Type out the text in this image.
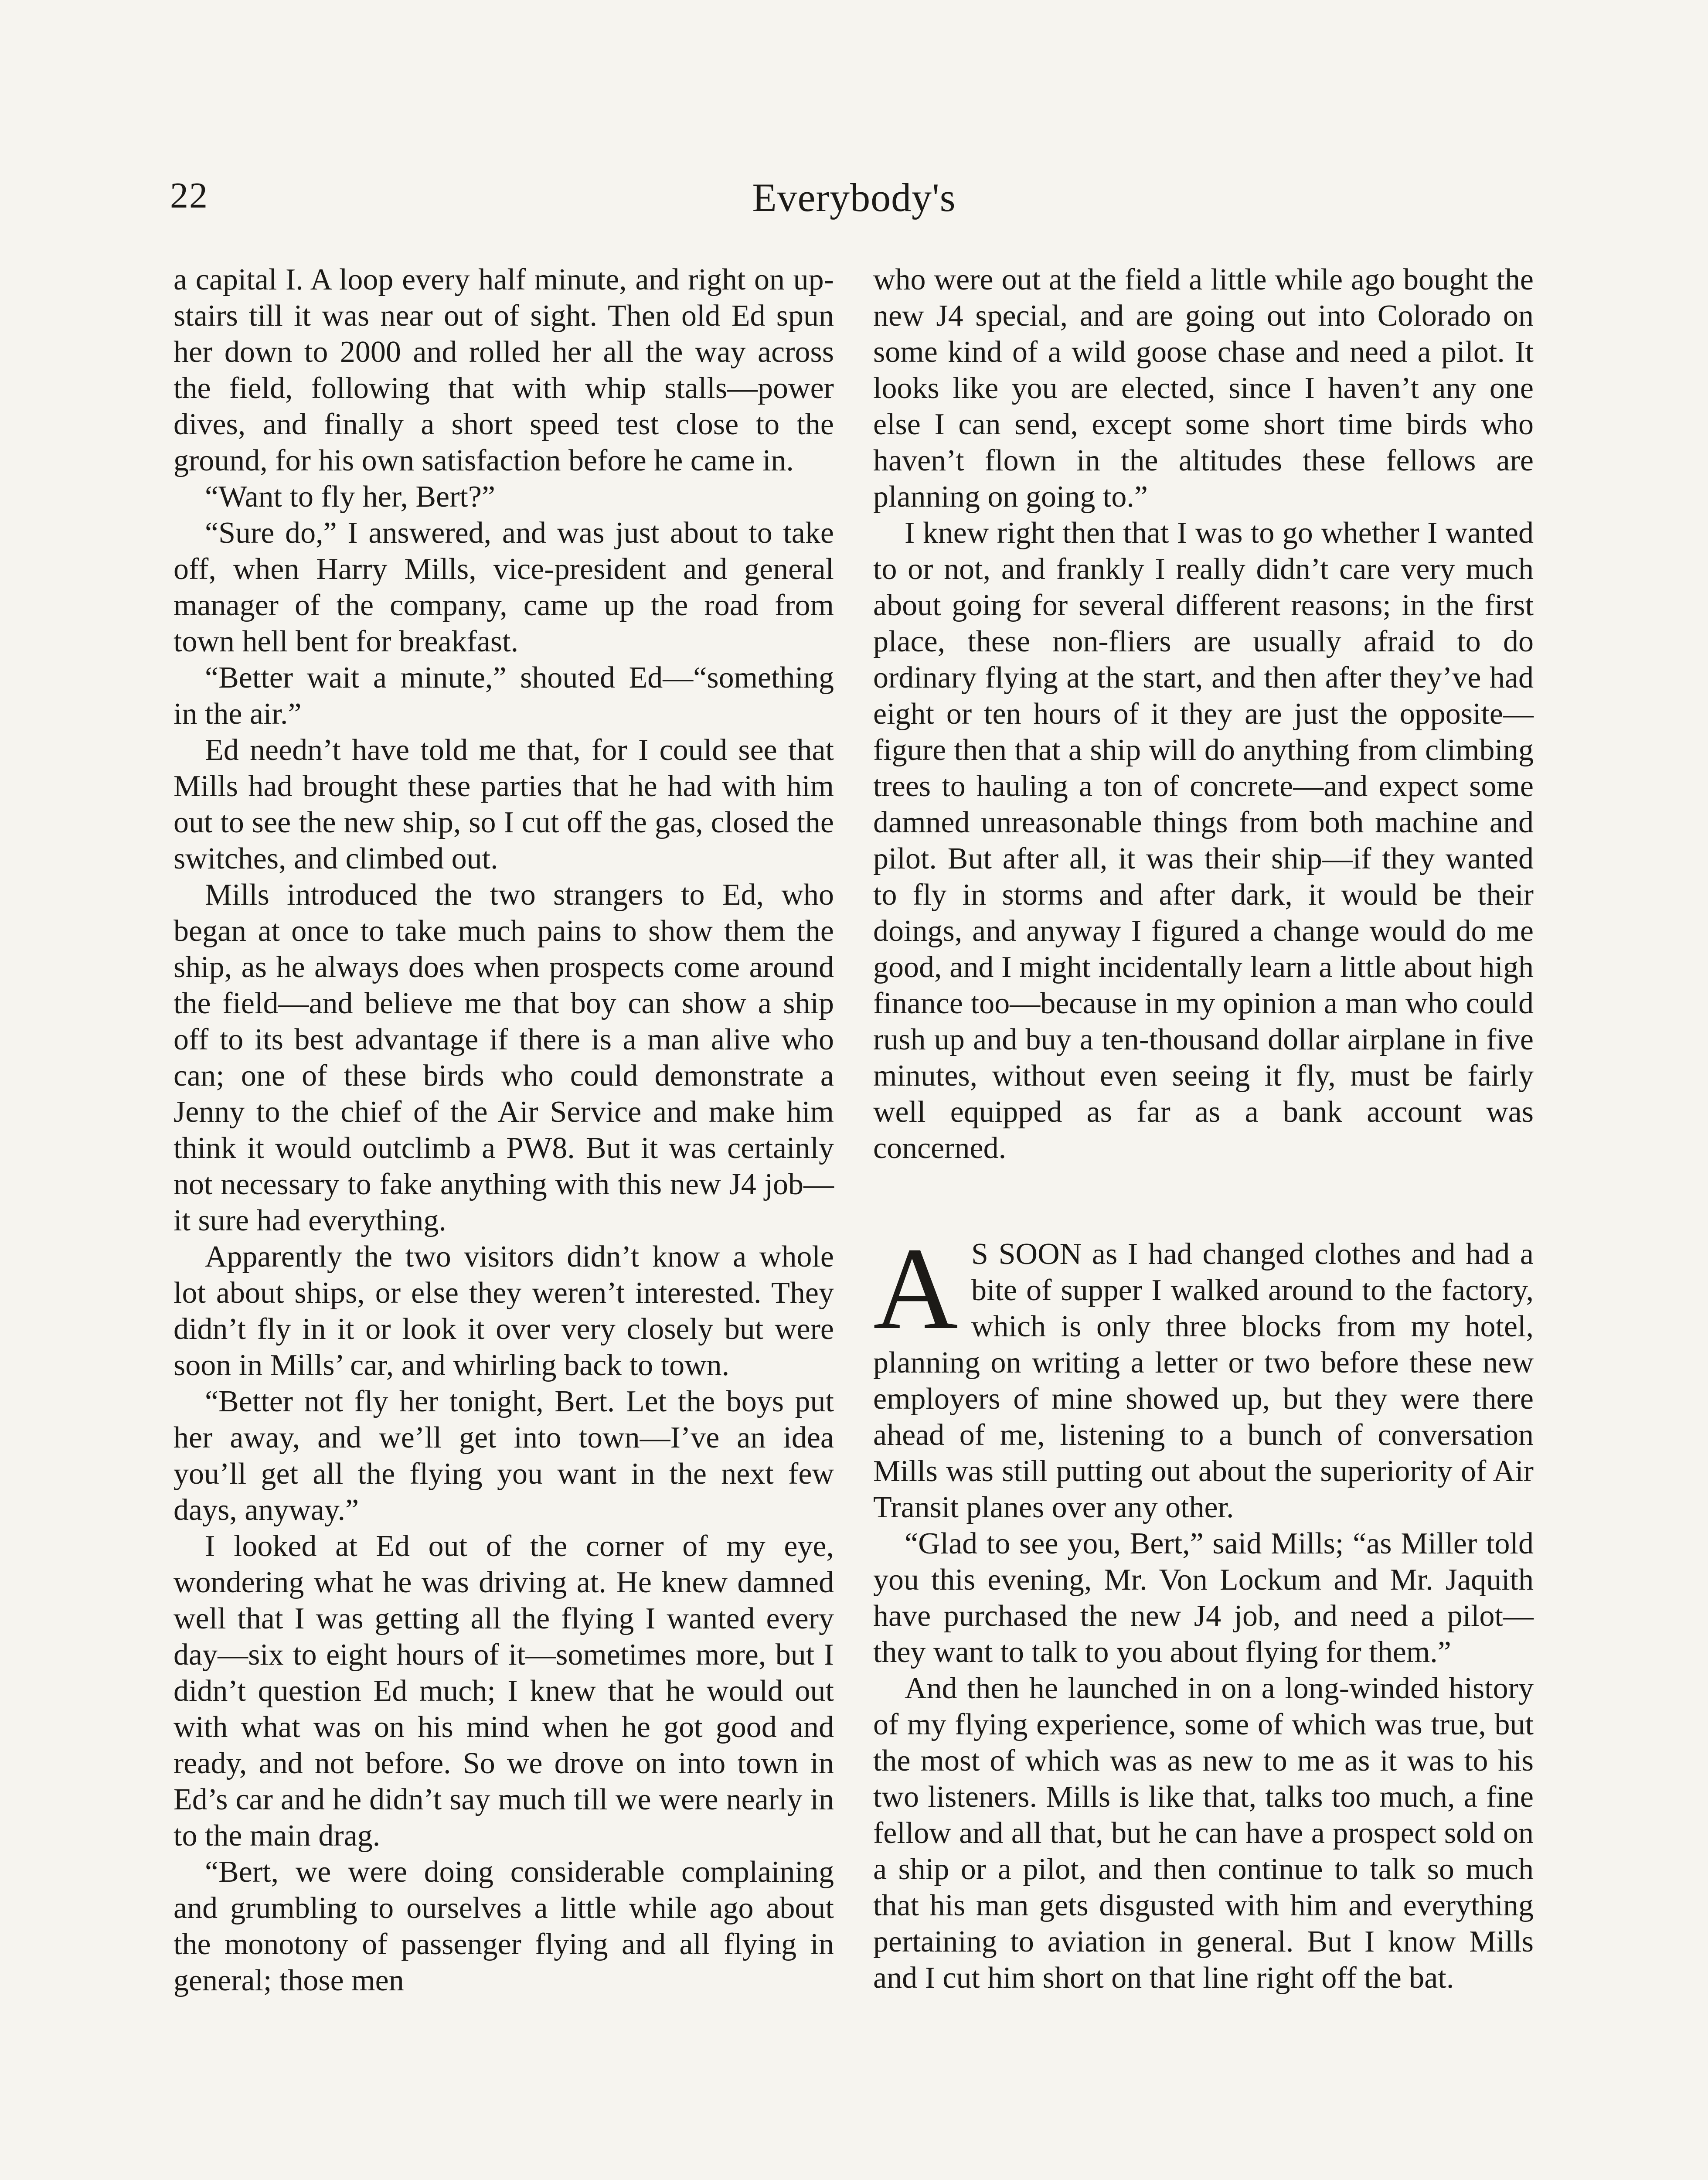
22	Everybody's

a capital I. A loop every half minute, and right on up-stairs till it was near out of sight. Then old Ed spun her down to 2000 and rolled her all the way across the field, following that with whip stalls—power dives, and finally a short speed test close to the ground, for his own satisfaction before he came in.

“Want to fly her, Bert?”

“Sure do,” I answered, and was just about to take off, when Harry Mills, vice-president and general manager of the company, came up the road from town hell bent for breakfast.

“Better wait a minute,” shouted Ed—“something in the air.”

Ed needn’t have told me that, for I could see that Mills had brought these parties that he had with him out to see the new ship, so I cut off the gas, closed the switches, and climbed out.

Mills introduced the two strangers to Ed, who began at once to take much pains to show them the ship, as he always does when prospects come around the field—and believe me that boy can show a ship off to its best advantage if there is a man alive who can; one of these birds who could demonstrate a Jenny to the chief of the Air Service and make him think it would outclimb a PW8. But it was certainly not necessary to fake anything with this new J4 job—it sure had everything.

Apparently the two visitors didn’t know a whole lot about ships, or else they weren’t interested. They didn’t fly in it or look it over very closely but were soon in Mills’ car, and whirling back to town.

“Better not fly her tonight, Bert. Let the boys put her away, and we’ll get into town—I’ve an idea you’ll get all the flying you want in the next few days, anyway.”

I looked at Ed out of the corner of my eye, wondering what he was driving at. He knew damned well that I was getting all the flying I wanted every day—six to eight hours of it—sometimes more, but I didn’t question Ed much; I knew that he would out with what was on his mind when he got good and ready, and not before. So we drove on into town in Ed’s car and he didn’t say much till we were nearly in to the main drag.

“Bert, we were doing considerable complaining and grumbling to ourselves a little while ago about the monotony of passenger flying and all flying in general; those men

who were out at the field a little while ago bought the new J4 special, and are going out into Colorado on some kind of a wild goose chase and need a pilot. It looks like you are elected, since I haven’t any one else I can send, except some short time birds who haven’t flown in the altitudes these fellows are planning on going to.”

I knew right then that I was to go whether I wanted to or not, and frankly I really didn’t care very much about going for several different reasons; in the first place, these non-fliers are usually afraid to do ordinary flying at the start, and then after they’ve had eight or ten hours of it they are just the opposite—figure then that a ship will do anything from climbing trees to hauling a ton of concrete—and expect some damned unreasonable things from both machine and pilot. But after all, it was their ship—if they wanted to fly in storms and after dark, it would be their doings, and anyway I figured a change would do me good, and I might incidentally learn a little about high finance too—because in my opinion a man who could rush up and buy a ten-thousand dollar airplane in five minutes, without even seeing it fly, must be fairly well equipped as far as a bank account was concerned.

A S SOON as I had changed clothes and had a bite of supper I walked around to the factory, which is only three blocks from my hotel, planning on writing a letter or two before these new employers of mine showed up, but they were there ahead of me, listening to a bunch of conversation Mills was still putting out about the superiority of Air Transit planes over any other.

“Glad to see you, Bert,” said Mills; “as Miller told you this evening, Mr. Von Lockum and Mr. Jaquith have purchased the new J4 job, and need a pilot—they want to talk to you about flying for them.”

And then he launched in on a long-winded history of my flying experience, some of which was true, but the most of which was as new to me as it was to his two listeners. Mills is like that, talks too much, a fine fellow and all that, but he can have a prospect sold on a ship or a pilot, and then continue to talk so much that his man gets disgusted with him and everything pertaining to aviation in general. But I know Mills and I cut him short on that line right off the bat.
